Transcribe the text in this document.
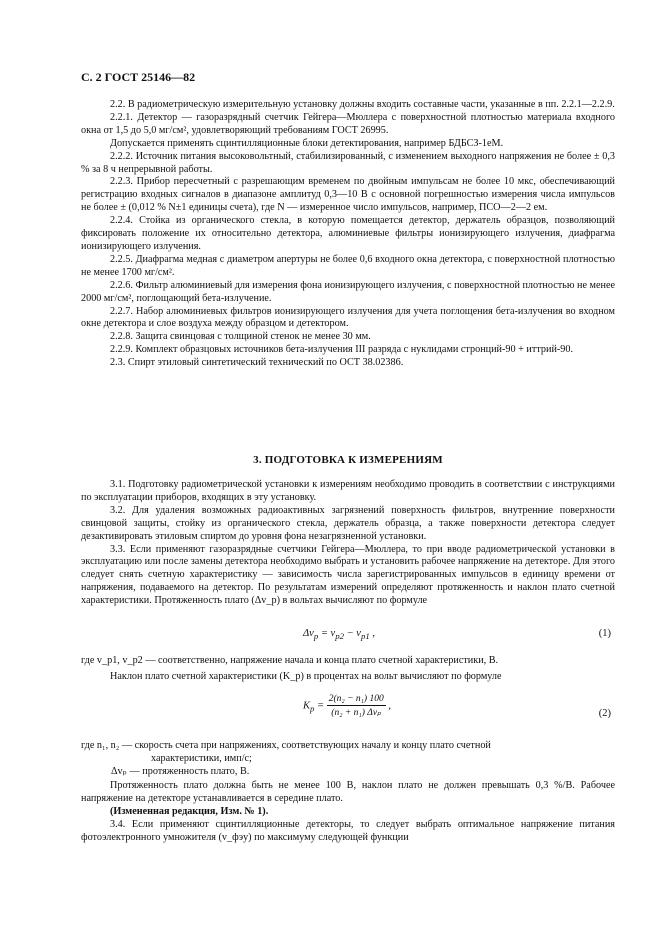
С. 2 ГОСТ 25146—82

2.2. В радиометрическую измерительную установку должны входить составные части, указанные в пп. 2.2.1—2.2.9.

2.2.1. Детектор — газоразрядный счетчик Гейгера—Мюллера с поверхностной плотностью материала входного окна от 1,5 до 5,0 мг/см², удовлетворяющий требованиям ГОСТ 26995.

Допускается применять сцинтилляционные блоки детектирования, например БДБСЗ-1еМ.

2.2.2. Источник питания высоковольтный, стабилизированный, с изменением выходного напряжения не более ± 0,3 % за 8 ч непрерывной работы.

2.2.3. Прибор пересчетный с разрешающим временем по двойным импульсам не более 10 мкс, обеспечивающий регистрацию входных сигналов в диапазоне амплитуд 0,3—10 В с основной погрешностью измерения числа импульсов не более ± (0,012 % N±1 единицы счета), где N — измеренное число импульсов, например, ПСО—2—2 ем.

2.2.4. Стойка из органического стекла, в которую помещается детектор, держатель образцов, позволяющий фиксировать положение их относительно детектора, алюминиевые фильтры ионизирующего излучения, диафрагма ионизирующего излучения.

2.2.5. Диафрагма медная с диаметром апертуры не более 0,6 входного окна детектора, с поверхностной плотностью не менее 1700 мг/см².

2.2.6. Фильтр алюминиевый для измерения фона ионизирующего излучения, с поверхностной плотностью не менее 2000 мг/см², поглощающий бета-излучение.

2.2.7. Набор алюминиевых фильтров ионизирующего излучения для учета поглощения бета-излучения во входном окне детектора и слое воздуха между образцом и детектором.

2.2.8. Защита свинцовая с толщиной стенок не менее 30 мм.

2.2.9. Комплект образцовых источников бета-излучения III разряда с нуклидами стронций-90 + иттрий-90.

2.3. Спирт этиловый синтетический технический по ОСТ 38.02386.

3. ПОДГОТОВКА К ИЗМЕРЕНИЯМ

3.1. Подготовку радиометрической установки к измерениям необходимо проводить в соответствии с инструкциями по эксплуатации приборов, входящих в эту установку.

3.2. Для удаления возможных радиоактивных загрязнений поверхность фильтров, внутренние поверхности свинцовой защиты, стойку из органического стекла, держатель образца, а также поверхности детектора следует дезактивировать этиловым спиртом до уровня фона незагрязненной установки.

3.3. Если применяют газоразрядные счетчики Гейгера—Мюллера, то при вводе радиометрической установки в эксплуатацию или после замены детектора необходимо выбрать и установить рабочее напряжение на детекторе. Для этого следует снять счетную характеристику — зависимость числа зарегистрированных импульсов в единицу времени от напряжения, подаваемого на детектор. По результатам измерений определяют протяженность и наклон плато счетной характеристики. Протяженность плато (Δv_p) в вольтах вычисляют по формуле

$\Delta v_p = v_{p2} - v_{p1}$ ,	(1)
где v_p1, v_p2 — соответственно, напряжение начала и конца плато счетной характеристики, В.

Наклон плато счетной характеристики (K_p) в процентах на вольт вычисляют по формуле

$K_p = \frac{\text{2(n₂ − n₁) 100}}{\text{(n₂ + n₁) Δvₚ}}$ ,
(2)
где n₁, n₂ — скорость счета при напряжениях, соответствующих началу и концу плато счетной
характеристики, имп/с;
Δvₚ — протяженность плато, В.

Протяженность плато должна быть не менее 100 В, наклон плато не должен превышать 0,3 %/В. Рабочее напряжение на детекторе устанавливается в середине плато.

(Измененная редакция, Изм. № 1).

3.4. Если применяют сцинтилляционные детекторы, то следует выбрать оптимальное напряжение питания фотоэлектронного умножителя (v_фэу) по максимуму следующей функции
